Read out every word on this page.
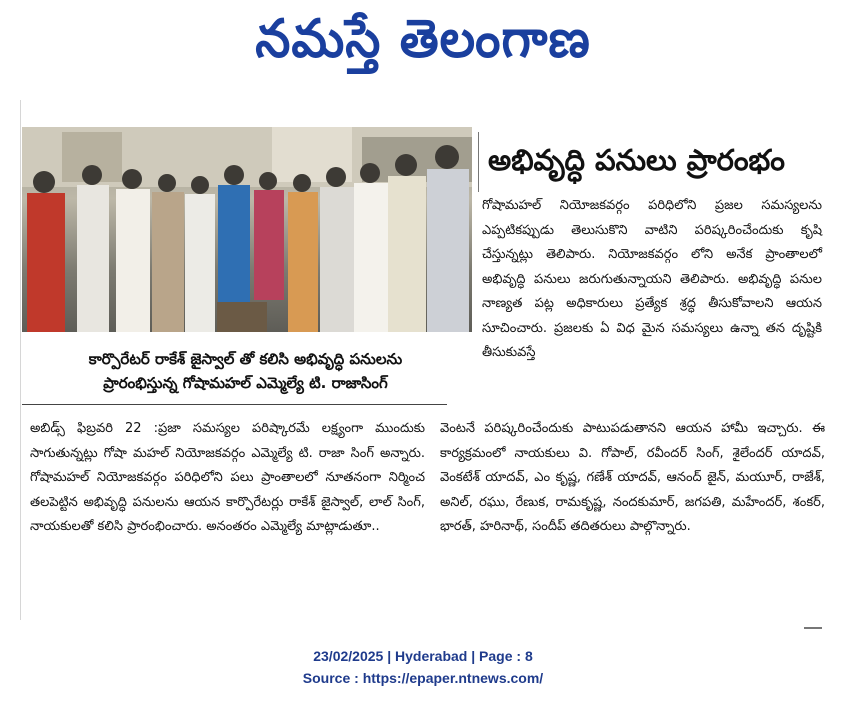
నమస్తే తెలంగాణ
కార్పొరేటర్ రాకేశ్ జైస్వాల్ తో కలిసి అభివృద్ధి పనులను
ప్రారంభిస్తున్న గోషామహల్ ఎమ్మెల్యే టి. రాజాసింగ్
అభివృద్ధి పనులు ప్రారంభం

గోషామహల్ నియోజకవర్గం పరిధిలోని ప్రజల సమస్యలను ఎప్పటికప్పుడు తెలుసుకొని వాటిని పరిష్కరించేందుకు కృషి చేస్తున్నట్లు తెలిపారు. నియోజకవర్గం లోని అనేక ప్రాంతాలలో అభివృద్ధి పనులు జరుగుతున్నాయని తెలిపారు. అభివృద్ధి పనుల నాణ్యత పట్ల అధికారులు ప్రత్యేక శ్రద్ధ తీసుకోవాలని ఆయన సూచించారు. ప్రజలకు ఏ విధ మైన సమస్యలు ఉన్నా తన దృష్టికి తీసుకువస్తే

అబిడ్స్ ఫిబ్రవరి 22 :ప్రజా సమస్యల పరిష్కారమే లక్ష్యంగా ముందుకు సాగుతున్నట్లు గోషా మహల్ నియోజకవర్గం ఎమ్మెల్యే టి. రాజా సింగ్ అన్నారు. గోషామహల్ నియోజకవర్గం పరిధిలోని పలు ప్రాంతాలలో నూతనంగా నిర్మించ తలపెట్టిన అభివృద్ధి పనులను ఆయన కార్పొరేటర్లు రాకేశ్ జైస్వాల్, లాల్ సింగ్, నాయకులతో కలిసి ప్రారంభించారు. అనంతరం ఎమ్మెల్యే మాట్లాడుతూ..

వెంటనే పరిష్కరించేందుకు పాటుపడుతానని ఆయన హామీ ఇచ్చారు. ఈ కార్యక్రమంలో నాయకులు వి. గోపాల్, రవీందర్ సింగ్, శైలేందర్ యాదవ్, వెంకటేశ్ యాదవ్, ఎం కృష్ణ, గణేశ్ యాదవ్, ఆనంద్ జైన్, మయూర్, రాజేశ్, అనిల్, రఘు, రేణుక, రామకృష్ణ, నందకుమార్, జగపతి, మహేందర్, శంకర్, భారత్, హరినాథ్, సందీప్ తదితరులు పాల్గొన్నారు.

23/02/2025 | Hyderabad | Page : 8
Source : https://epaper.ntnews.com/
